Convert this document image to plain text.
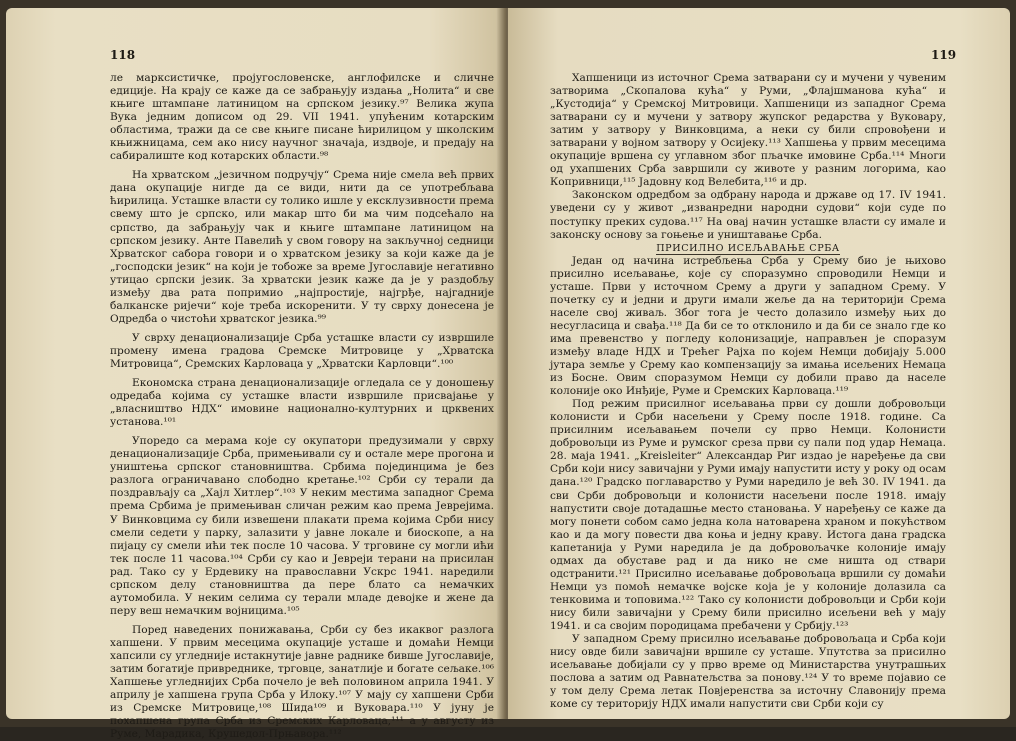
118

ле марксистичке, пројугословенске, англофилске и сличне едиције. На крају се каже да се забрањују издања „Нолита“ и све књиге штампане латиницом на српском језику.⁹⁷ Велика жупа Вука једним дописом од 29. VII 1941. упућеним котарским областима, тражи да се све књиге писане ћирилицом у школским књижницама, сем ако нису научног значаја, издвоје, и предају на сабиралиште код котарских области.⁹⁸

На хрватском „језичном подручју“ Срема није смела већ првих дана окупације нигде да се види, нити да се употребљава ћирилица. Усташке власти су толико ишле у ексклузивности према свему што је српско, или макар што би ма чим подсећало на српство, да забрањују чак и књиге штампане латиницом на српском језику. Анте Павелић у свом говору на закључној седници Хрватског сабора говори и о хрватском језику за који каже да је „господски језик“ на који је тобоже за време Југославије негативно утицао српски језик. За хрватски језик каже да је у раздобљу између два рата попримио „најпростије, најгрђе, најгадније балканске ријечи“ које треба искоренити. У ту сврху донесена је Одредба о чистоћи хрватског језика.⁹⁹

У сврху денационализације Срба усташке власти су извршиле промену имена градова Сремске Митровице у „Хрватска Митровица“, Сремских Карловаца у „Хрватски Карловци“.¹⁰⁰

Економска страна денационализације огледала се у доношењу одредаба којима су усташке власти извршиле присвајање у „власништво НДХ“ имовине национално-културних и црквених установа.¹⁰¹

Упоредо са мерама које су окупатори предузимали у сврху денационализације Срба, примењивали су и остале мере прогона и уништења српског становништва. Србима појединцима је без разлога ограничавано слободно кретање.¹⁰² Срби су терали да поздрављају са „Хајл Хитлер“.¹⁰³ У неким местима западног Срема према Србима је примењиван сличан режим као према Јеврејима. У Винковцима су били извешени плакати према којима Срби нису смели седети у парку, залазити у јавне локале и биоскопе, а на пијацу су смели ићи тек после 10 часова. У трговине су могли ићи тек после 11 часова.¹⁰⁴ Срби су као и Јевреји терани на присилан рад. Тако су у Ердевику на православни Ускрс 1941. наредили српском делу становништва да пере блато са немачких аутомобила. У неким селима су терали младе девојке и жене да перу веш немачким војницима.¹⁰⁵

Поред наведених понижавања, Срби су без икаквог разлога хапшени. У првим месецима окупације усташе и домаћи Немци хапсили су угледније истакнутије јавне раднике бивше Југославије, затим богатије привреднике, трговце, занатлије и богате сељаке.¹⁰⁶ Хапшење угледнијих Срба почело је већ половином априла 1941. У априлу је хапшена група Срба у Илоку.¹⁰⁷ У мају су хапшени Срби из Сремске Митровице,¹⁰⁸ Шида¹⁰⁹ и Вуковара.¹¹⁰ У јуну је похапшена група Срба из Сремских Карловаца,¹¹¹ а у августу из Руме, Марадика, Крушедол-Прњавора.¹¹²

119

Хапшеници из источног Срема затварани су и мучени у чувеним затворима „Скопалова кућа“ у Руми, „Флајшманова кућа“ и „Кустодија“ у Сремској Митровици. Хапшеници из западног Срема затварани су и мучени у затвору жупског редарства у Вуковару, затим у затвору у Винковцима, а неки су били спровођени и затварани у војном затвору у Осијеку.¹¹³ Хапшења у првим месецима окупације вршена су углавном због пљачке имовине Срба.¹¹⁴ Многи од ухапшених Срба завршили су животе у разним логорима, као Копривници,¹¹⁵ Јадовну код Велебита,¹¹⁶ и др.

Законском одредбом за одбрану народа и државе од 17. IV 1941. уведени су у живот „изванредни народни судови“ који суде по поступку преких судова.¹¹⁷ На овај начин усташке власти су имале и законску основу за гоњење и уништавање Срба.

ПРИСИЛНО ИСЕЉАВАЊЕ СРБА

Један од начина истребљења Срба у Срему био је њихово присилно исељавање, које су споразумно спроводили Немци и усташе. Први у источном Срему а други у западном Срему. У почетку су и једни и други имали жеље да на територији Срема населе свој живаљ. Због тога је често долазило између њих до несугласица и свађа.¹¹⁸ Да би се то отклонило и да би се знало где ко има превенство у погледу колонизације, направљен је споразум између владе НДХ и Трећег Рајха по којем Немци добијају 5.000 јутара земље у Срему као компензацију за имања исељених Немаца из Босне. Овим споразумом Немци су добили право да населе колоније око Инђије, Руме и Сремских Карловаца.¹¹⁹

Под режим присилног исељавања први су дошли добровољци колонисти и Срби насељени у Срему после 1918. године. Са присилним исељавањем почели су прво Немци. Колонисти добровољци из Руме и румског среза први су пали под удар Немаца. 28. маја 1941. „Kreisleiter“ Александар Риг издао је наређење да сви Срби који нису завичајни у Руми имају напустити исту у року од осам дана.¹²⁰ Градско поглаварство у Руми наредило је већ 30. IV 1941. да сви Срби добровољци и колонисти насељени после 1918. имају напустити своје дотадашње место становања. У наређењу се каже да могу понети собом само једна кола натоварена храном и покућством као и да могу повести два коња и једну краву. Истога дана градска капетанија у Руми наредила је да добровољачке колоније имају одмах да обуставе рад и да нико не сме ништа од ствари одстранити.¹²¹ Присилно исељавање добровољаца вршили су домаћи Немци уз помоћ немачке војске која је у колоније долазила са тенковима и топовима.¹²² Тако су колонисти добровољци и Срби који нису били завичајни у Срему били присилно исељени већ у мају 1941. и са својим породицама пребачени у Србију.¹²³

У западном Срему присилно исељавање добровољаца и Срба који нису овде били завичајни вршиле су усташе. Упутства за присилно исељавање добијали су у прво време од Министарства унутрашњих послова а затим од Равнатељства за понову.¹²⁴ У то време појавио се у том делу Срема летак Повјеренства за источну Славонију према коме су територију НДХ имали напустити сви Срби који су
